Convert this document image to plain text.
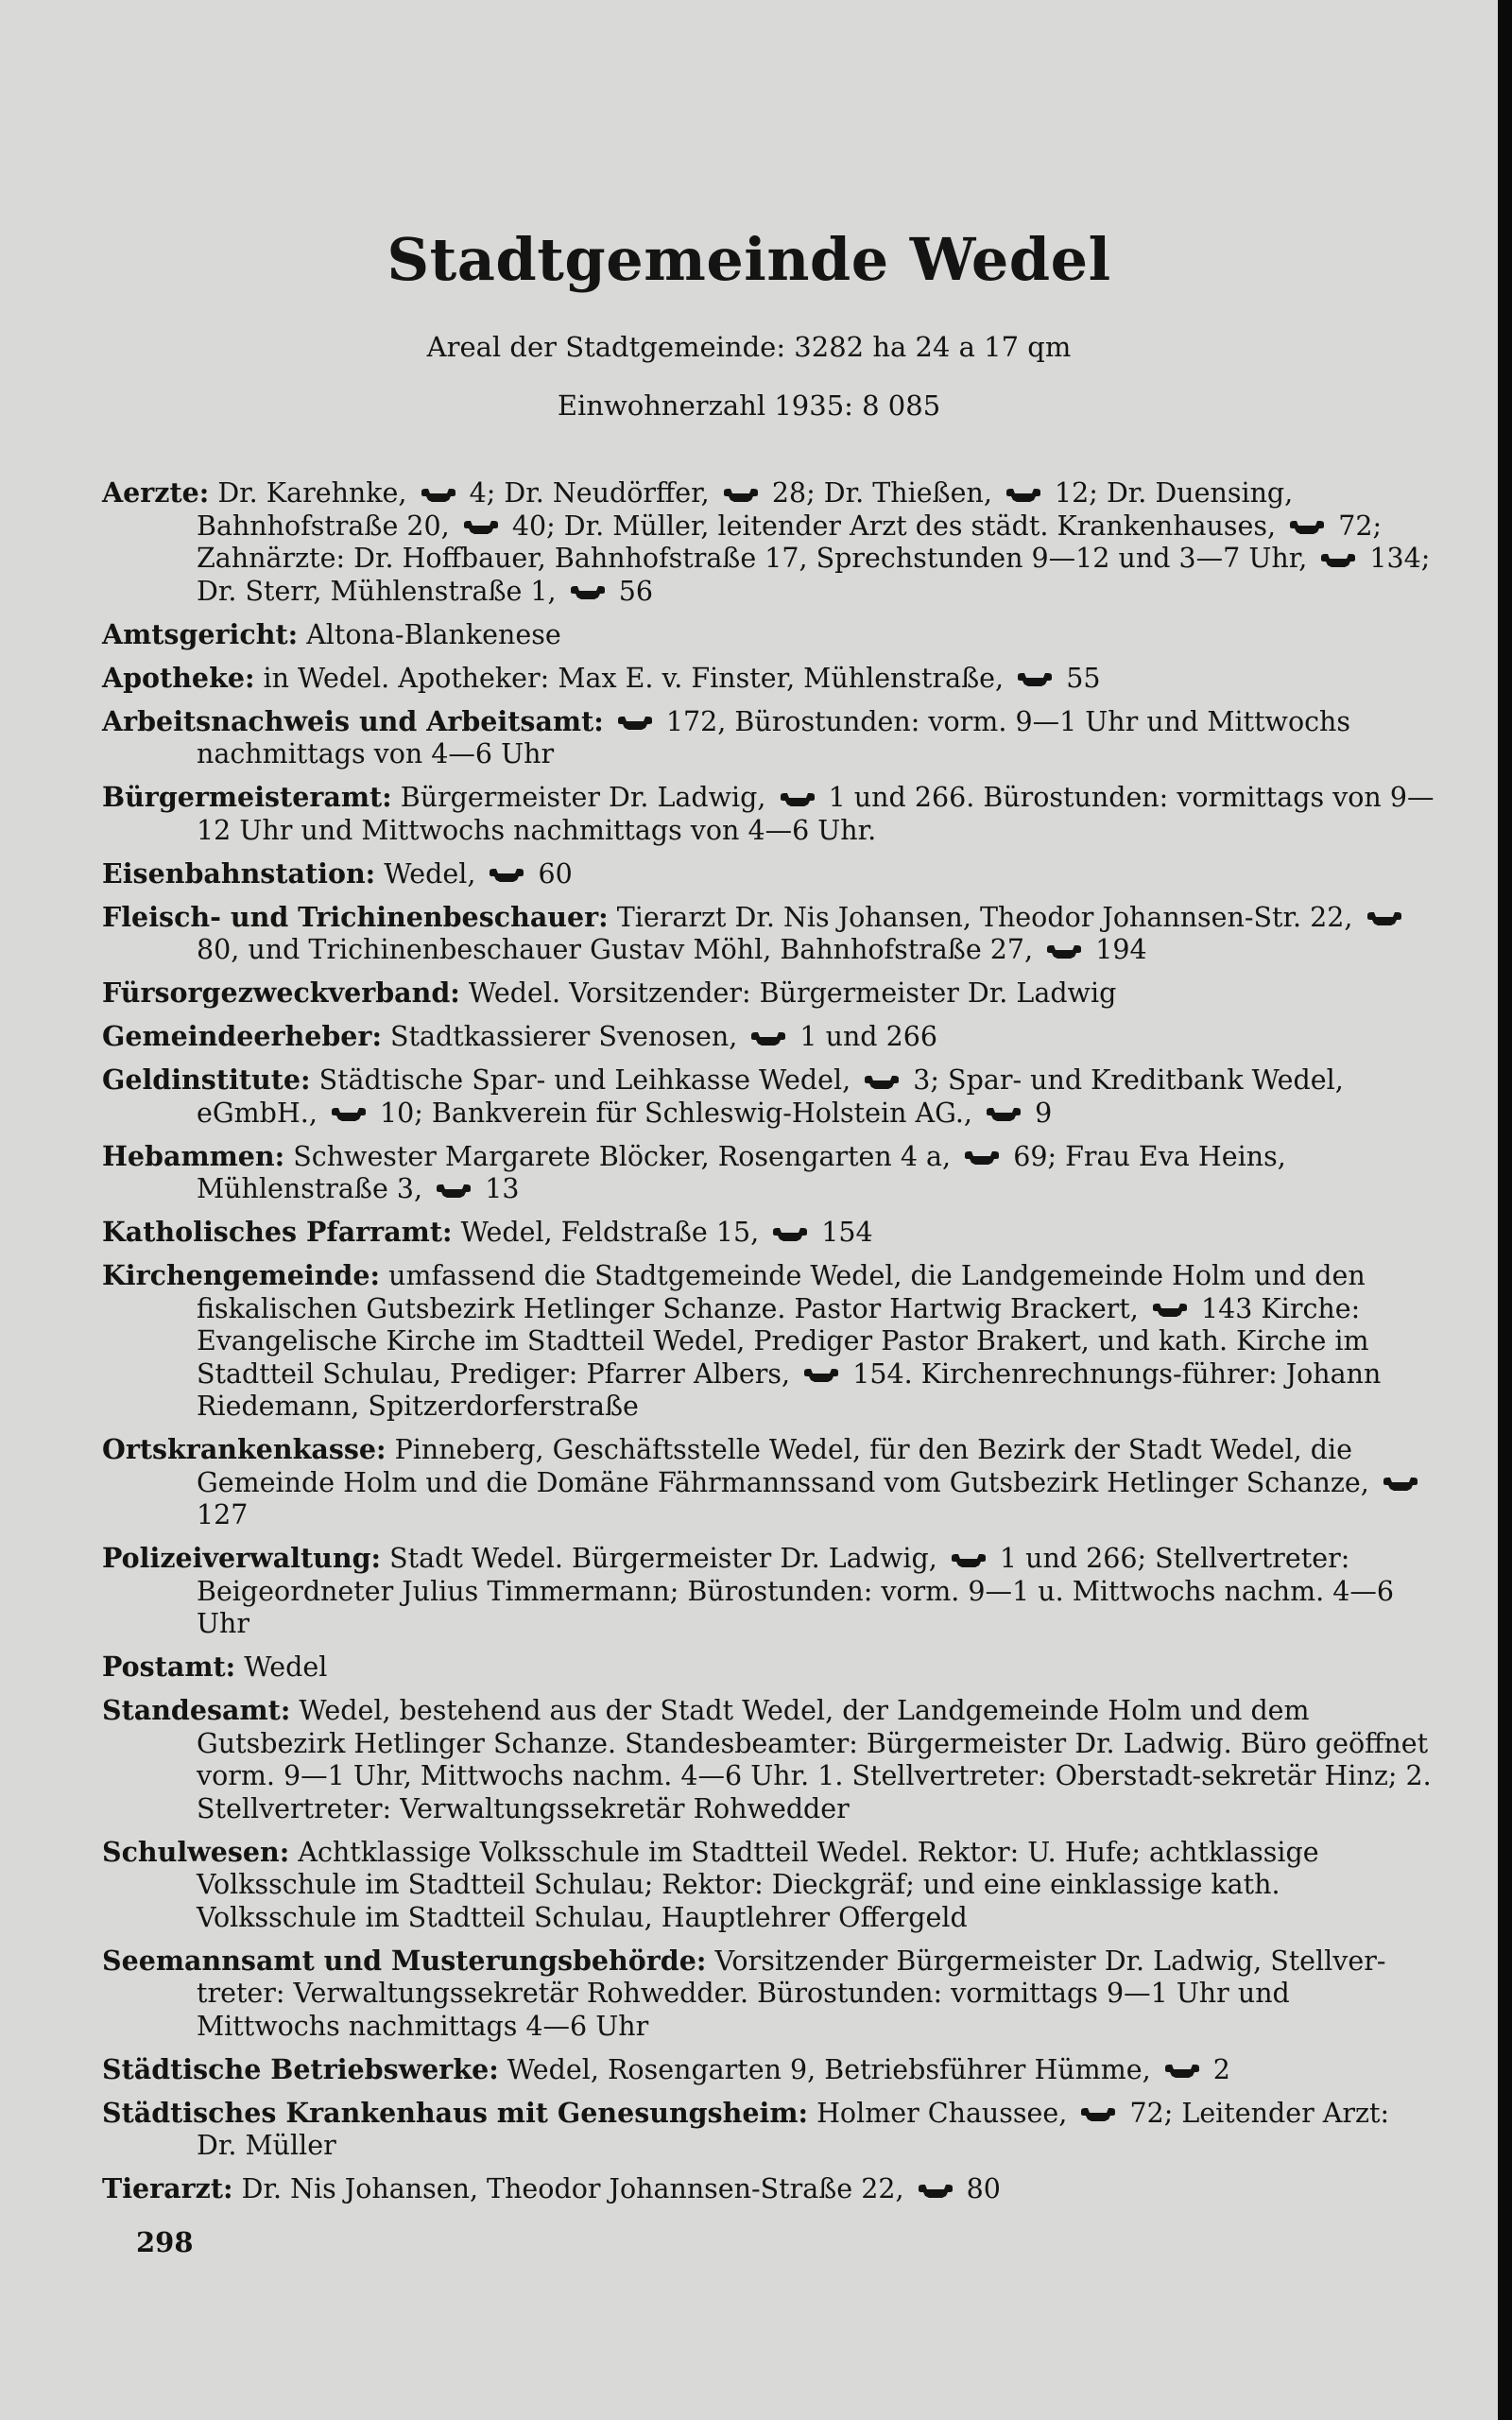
Stadtgemeinde Wedel
Areal der Stadtgemeinde: 3282 ha 24 a 17 qm
Einwohnerzahl 1935: 8 085
Aerzte: Dr. Karehnke, 4; Dr. Neudörffer, 28; Dr. Thießen, 12; Dr. Duensing, Bahnhofstraße 20, 40; Dr. Müller, leitender Arzt des städt. Krankenhauses, 72; Zahnärzte: Dr. Hoffbauer, Bahnhofstraße 17, Sprechstunden 9—12 und 3—7 Uhr, 134; Dr. Sterr, Mühlenstraße 1, 56
Amtsgericht: Altona-Blankenese
Apotheke: in Wedel. Apotheker: Max E. v. Finster, Mühlenstraße, 55
Arbeitsnachweis und Arbeitsamt: 172, Bürostunden: vorm. 9—1 Uhr und Mittwochs nachmittags von 4—6 Uhr
Bürgermeisteramt: Bürgermeister Dr. Ladwig, 1 und 266. Bürostunden: vormittags von 9—12 Uhr und Mittwochs nachmittags von 4—6 Uhr.
Eisenbahnstation: Wedel, 60
Fleisch- und Trichinenbeschauer: Tierarzt Dr. Nis Johansen, Theodor Johannsen-Str. 22,  80, und Trichinenbeschauer Gustav Möhl, Bahnhofstraße 27, 194
Fürsorgezweckverband: Wedel. Vorsitzender: Bürgermeister Dr. Ladwig
Gemeindeerheber: Stadtkassierer Svenosen, 1 und 266
Geldinstitute: Städtische Spar- und Leihkasse Wedel, 3; Spar- und Kreditbank Wedel, eGmbH., 10; Bankverein für Schleswig-Holstein AG., 9
Hebammen: Schwester Margarete Blöcker, Rosengarten 4 a, 69; Frau Eva Heins, Mühlenstraße 3, 13
Katholisches Pfarramt: Wedel, Feldstraße 15, 154
Kirchengemeinde: umfassend die Stadtgemeinde Wedel, die Landgemeinde Holm und den fiskalischen Gutsbezirk Hetlinger Schanze. Pastor Hartwig Brackert, 143 Kirche: Evangelische Kirche im Stadtteil Wedel, Prediger Pastor Brakert, und kath. Kirche im Stadtteil Schulau, Prediger: Pfarrer Albers, 154. Kirchenrechnungs-führer: Johann Riedemann, Spitzerdorferstraße
Ortskrankenkasse: Pinneberg, Geschäftsstelle Wedel, für den Bezirk der Stadt Wedel, die Gemeinde Holm und die Domäne Fährmannssand vom Gutsbezirk Hetlinger Schanze,  127
Polizeiverwaltung: Stadt Wedel. Bürgermeister Dr. Ladwig, 1 und 266; Stellvertreter: Beigeordneter Julius Timmermann; Bürostunden: vorm. 9—1 u. Mittwochs nachm. 4—6 Uhr
Postamt: Wedel
Standesamt: Wedel, bestehend aus der Stadt Wedel, der Landgemeinde Holm und dem Gutsbezirk Hetlinger Schanze. Standesbeamter: Bürgermeister Dr. Ladwig. Büro geöffnet vorm. 9—1 Uhr, Mittwochs nachm. 4—6 Uhr. 1. Stellvertreter: Oberstadt-sekretär Hinz; 2. Stellvertreter: Verwaltungssekretär Rohwedder
Schulwesen: Achtklassige Volksschule im Stadtteil Wedel. Rektor: U. Hufe; achtklassige Volksschule im Stadtteil Schulau; Rektor: Dieckgräf; und eine einklassige kath. Volksschule im Stadtteil Schulau, Hauptlehrer Offergeld
Seemannsamt und Musterungsbehörde: Vorsitzender Bürgermeister Dr. Ladwig, Stellver-treter: Verwaltungssekretär Rohwedder. Bürostunden: vormittags 9—1 Uhr und Mittwochs nachmittags 4—6 Uhr
Städtische Betriebswerke: Wedel, Rosengarten 9, Betriebsführer Hümme, 2
Städtisches Krankenhaus mit Genesungsheim: Holmer Chaussee, 72; Leitender Arzt: Dr. Müller
Tierarzt: Dr. Nis Johansen, Theodor Johannsen-Straße 22, 80
298
